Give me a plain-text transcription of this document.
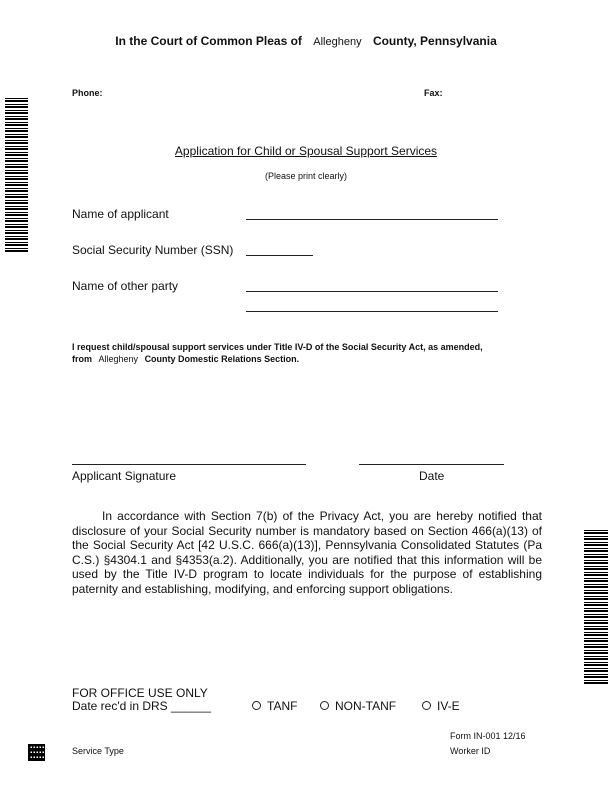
In the Court of Common Pleas of Allegheny County, Pennsylvania
Phone:	Fax:
Application for Child or Spousal Support Services
(Please print clearly)
Name of applicant
Social Security Number (SSN)
Name of other party
I request child/spousal support services under Title IV-D of the Social Security Act, as amended,
from Allegheny County Domestic Relations Section.
Applicant Signature	Date
In accordance with Section 7(b) of the Privacy Act, you are hereby notified that disclosure of your Social Security number is mandatory based on Section 466(a)(13) of the Social Security Act [42 U.S.C. 666(a)(13)], Pennsylvania Consolidated Statutes (Pa C.S.) §4304.1 and §4353(a.2). Additionally, you are notified that this information will be used by the Title IV-D program to locate individuals for the purpose of establishing paternity and establishing, modifying, and enforcing support obligations.
FOR OFFICE USE ONLY
Date rec'd in DRS ______	TANF	NON-TANF	IV-E
Form IN-001 12/16
Worker ID
Service Type
